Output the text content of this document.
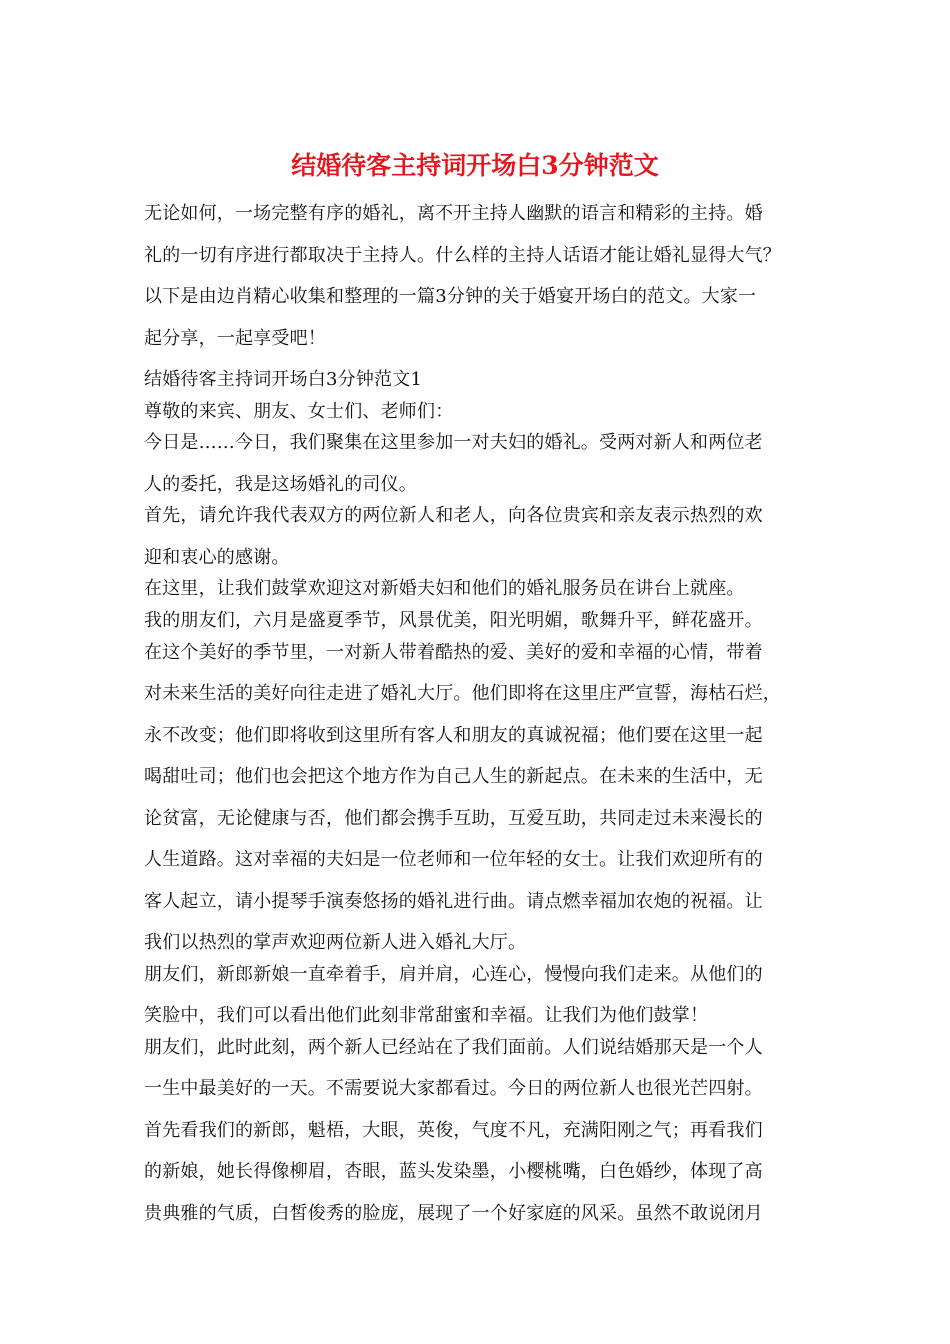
结婚待客主持词开场白3分钟范文
无论如何，一场完整有序的婚礼，离不开主持人幽默的语言和精彩的主持。婚
礼的一切有序进行都取决于主持人。什么样的主持人话语才能让婚礼显得大气？
以下是由边肖精心收集和整理的一篇3分钟的关于婚宴开场白的范文。大家一
起分享，一起享受吧！
结婚待客主持词开场白3分钟范文1
尊敬的来宾、朋友、女士们、老师们：
今日是……今日，我们聚集在这里参加一对夫妇的婚礼。受两对新人和两位老
人的委托，我是这场婚礼的司仪。
首先，请允许我代表双方的两位新人和老人，向各位贵宾和亲友表示热烈的欢
迎和衷心的感谢。
在这里，让我们鼓掌欢迎这对新婚夫妇和他们的婚礼服务员在讲台上就座。
我的朋友们，六月是盛夏季节，风景优美，阳光明媚，歌舞升平，鲜花盛开。
在这个美好的季节里，一对新人带着酷热的爱、美好的爱和幸福的心情，带着
对未来生活的美好向往走进了婚礼大厅。他们即将在这里庄严宣誓，海枯石烂，
永不改变；他们即将收到这里所有客人和朋友的真诚祝福；他们要在这里一起
喝甜吐司；他们也会把这个地方作为自己人生的新起点。在未来的生活中，无
论贫富，无论健康与否，他们都会携手互助，互爱互助，共同走过未来漫长的
人生道路。这对幸福的夫妇是一位老师和一位年轻的女士。让我们欢迎所有的
客人起立，请小提琴手演奏悠扬的婚礼进行曲。请点燃幸福加农炮的祝福。让
我们以热烈的掌声欢迎两位新人进入婚礼大厅。
朋友们，新郎新娘一直牵着手，肩并肩，心连心，慢慢向我们走来。从他们的
笑脸中，我们可以看出他们此刻非常甜蜜和幸福。让我们为他们鼓掌！
朋友们，此时此刻，两个新人已经站在了我们面前。人们说结婚那天是一个人
一生中最美好的一天。不需要说大家都看过。今日的两位新人也很光芒四射。
首先看我们的新郎，魁梧，大眼，英俊，气度不凡，充满阳刚之气；再看我们
的新娘，她长得像柳眉，杏眼，蓝头发染墨，小樱桃嘴，白色婚纱，体现了高
贵典雅的气质，白皙俊秀的脸庞，展现了一个好家庭的风采。虽然不敢说闭月
